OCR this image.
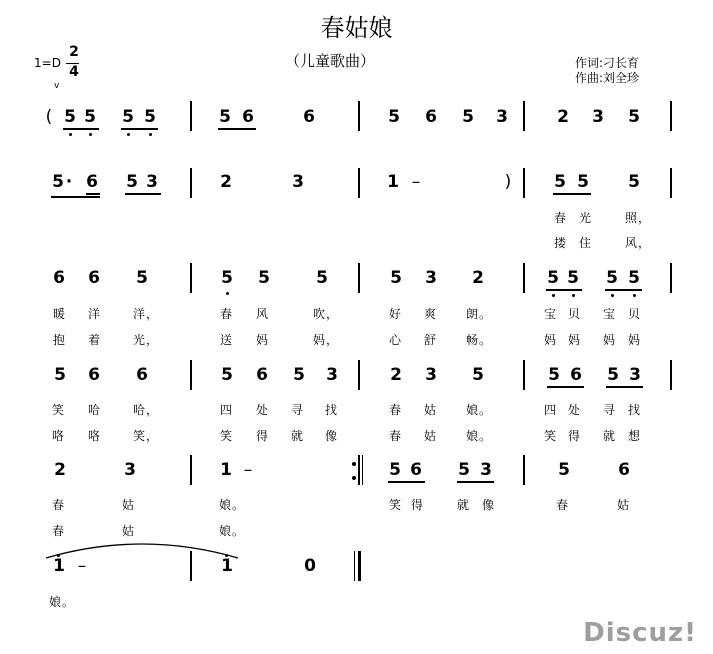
春姑娘
（儿童歌曲）	作词:刁长育
作曲:刘全珍
1=D
2
4
v
( 5 5 5 5	5 6	6	5 6 5 3	2 3 5
5 · 6 5 3	2	3	1 –	)	5 5 5
春 光	照，
搂 住	风，
6 6 5	5 5	5	5 3 2	5 5 5 5
暖 洋	洋，	春 风	吹，	好 爽 朗。	宝 贝 宝 贝
抱 着	光，	送 妈	妈，	心 舒 畅。	妈 妈 妈 妈
5 6 6	5 6 5 3	2 3 5	5 6 5 3
笑 哈	哈，	四 处 寻 找	春 姑 娘。	四 处 寻 找
咯 咯	笑，	笑 得 就 像	春 姑 娘。	笑 得 就 想
2	3	1 –	5 6 5 3	5	6
春	姑	娘。	笑 得	就 像	春	姑
春	姑	娘。
1 –	1	0
娘。
Discuz!
